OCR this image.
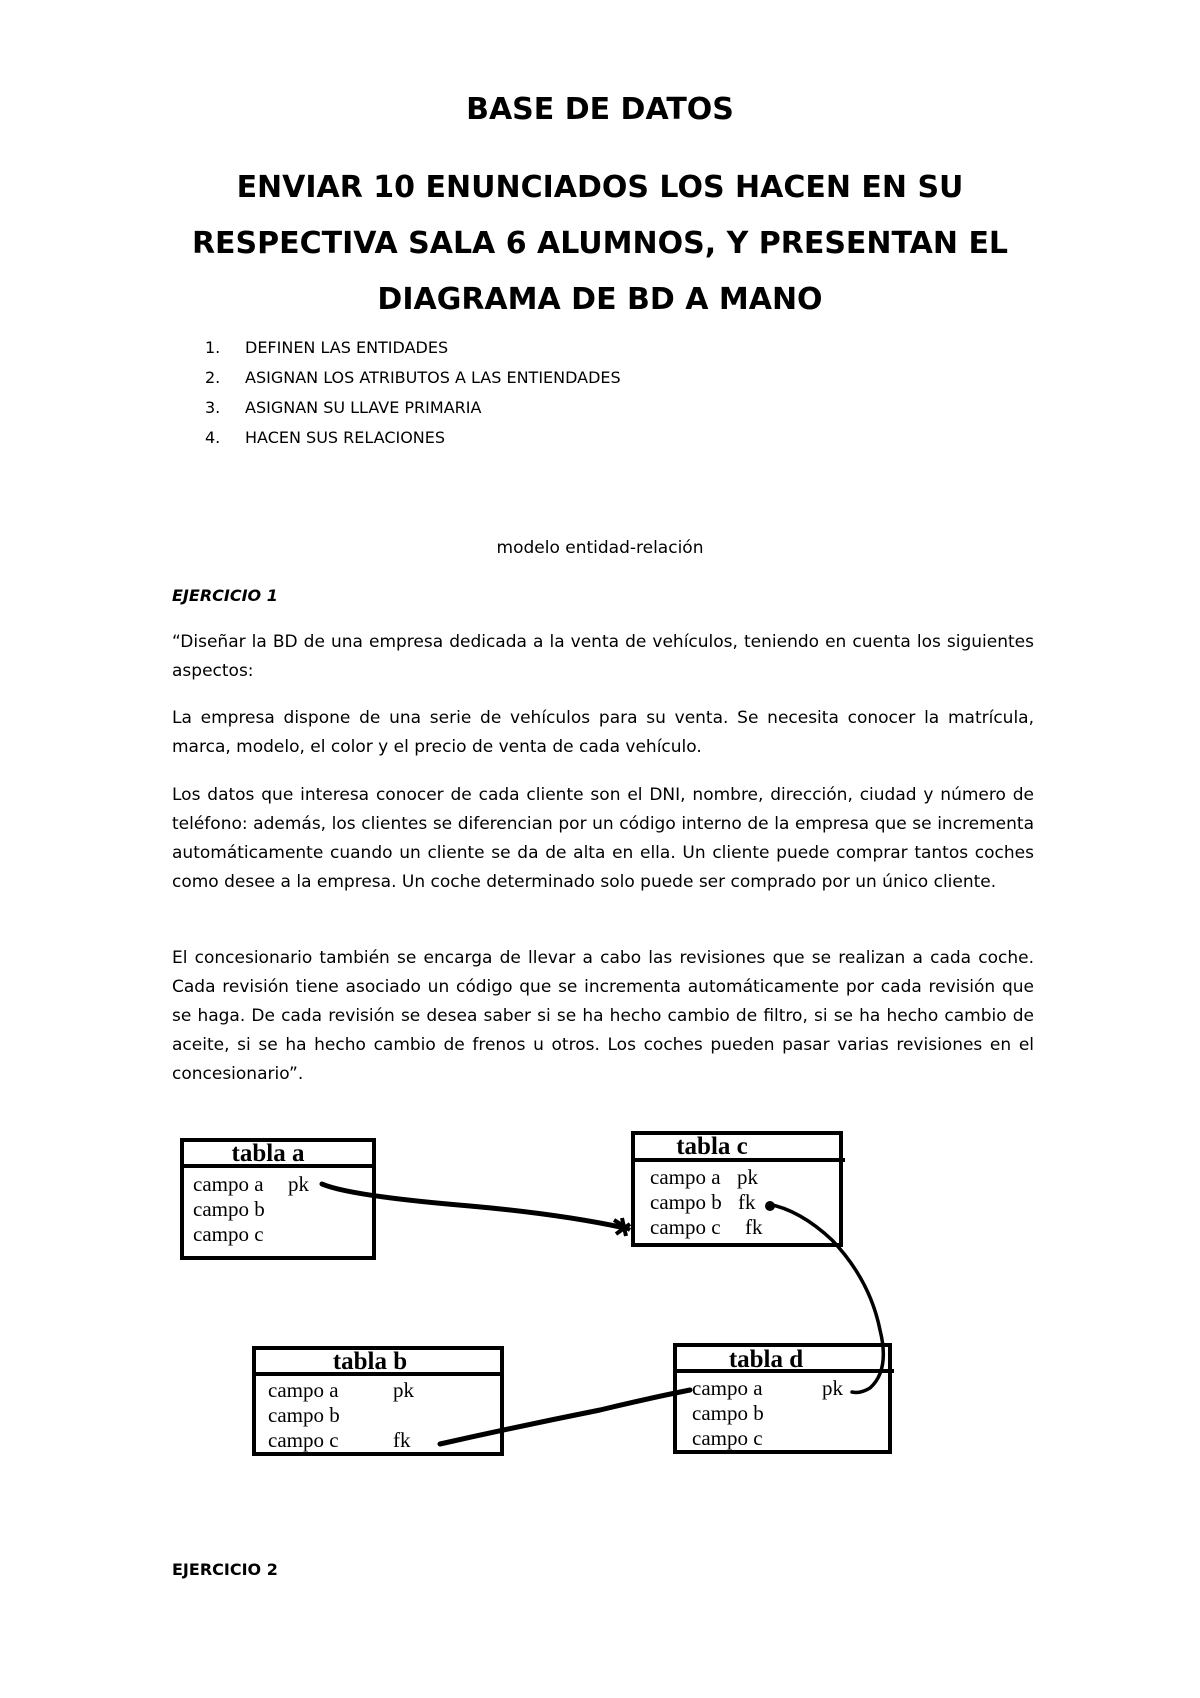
BASE DE DATOS
ENVIAR 10 ENUNCIADOS LOS HACEN EN SU
RESPECTIVA SALA 6 ALUMNOS, Y PRESENTAN EL
DIAGRAMA DE BD A MANO
1. DEFINEN LAS ENTIDADES
2. ASIGNAN LOS ATRIBUTOS A LAS ENTIENDADES
3. ASIGNAN SU LLAVE PRIMARIA
4. HACEN SUS RELACIONES

modelo entidad-relación

EJERCICIO 1

“Diseñar la BD de una empresa dedicada a la venta de vehículos, teniendo en cuenta los siguientes aspectos:

La empresa dispone de una serie de vehículos para su venta. Se necesita conocer la matrícula, marca, modelo, el color y el precio de venta de cada vehículo.

Los datos que interesa conocer de cada cliente son el DNI, nombre, dirección, ciudad y número de teléfono: además, los clientes se diferencian por un código interno de la empresa que se incrementa automáticamente cuando un cliente se da de alta en ella. Un cliente puede comprar tantos coches como desee a la empresa. Un coche determinado solo puede ser comprado por un único cliente.

El concesionario también se encarga de llevar a cabo las revisiones que se realizan a cada coche. Cada revisión tiene asociado un código que se incrementa automáticamente por cada revisión que se haga. De cada revisión se desea saber si se ha hecho cambio de filtro, si se ha hecho cambio de aceite, si se ha hecho cambio de frenos u otros. Los coches pueden pasar varias revisiones en el concesionario”.

tabla a
campo a pk
campo b
campo c
tabla c
campo a pk
campo b fk
campo c fk
tabla b
campo a	pk
campo b
campo c	fk
tabla d
campo a	pk
campo b
campo c

EJERCICIO 2
